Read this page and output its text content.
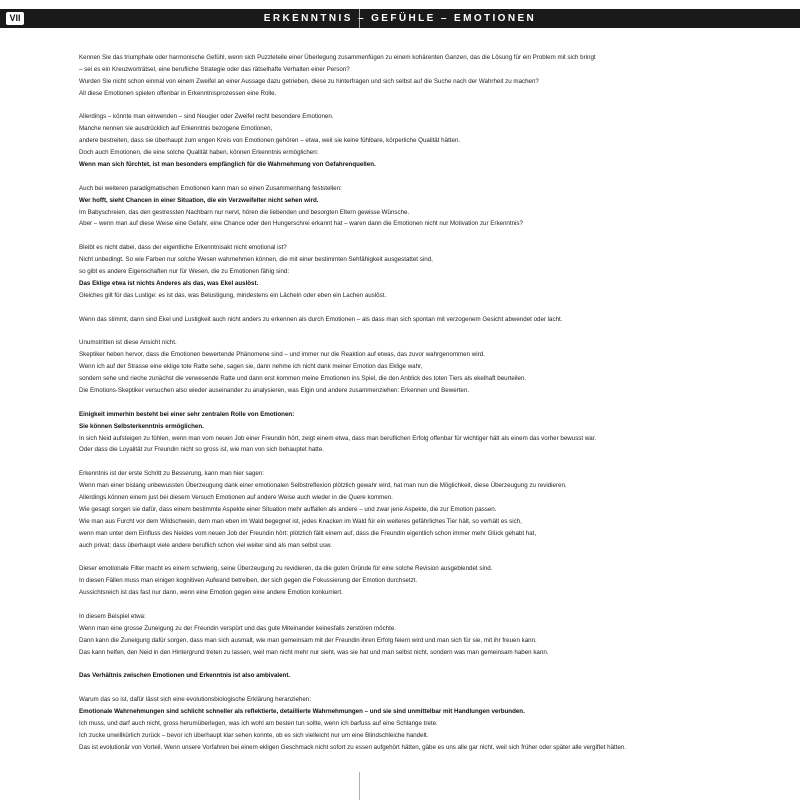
VII	ERKENNTNIS – GEFÜHLE – EMOTIONEN
Kennen Sie das triumphale oder harmonische Gefühl, wenn sich Puzzleteile einer Überlegung zusammenfügen zu einem kohärenten Ganzen, das die Lösung für ein Problem mit sich bringt
– sei es ein Kreuzworträtsel, eine berufliche Strategie oder das rätselhafte Verhalten einer Person?
Wurden Sie nicht schon einmal von einem Zweifel an einer Aussage dazu getrieben, diese zu hinterfragen und sich selbst auf die Suche nach der Wahrheit zu machen?
All diese Emotionen spielen offenbar in Erkenntnisprozessen eine Rolle.
Allerdings – könnte man einwenden – sind Neugier oder Zweifel recht besondere Emotionen.
Manche nennen sie ausdrücklich auf Erkenntnis bezogene Emotionen,
andere bestreiten, dass sie überhaupt zum engen Kreis von Emotionen gehören – etwa, weil sie keine fühlbare, körperliche Qualität hätten.
Doch auch Emotionen, die eine solche Qualität haben, können Erkenntnis ermöglichen:
Wenn man sich fürchtet, ist man besonders empfänglich für die Wahrnehmung von Gefahrenquellen.
Auch bei weiteren paradigmatischen Emotionen kann man so einen Zusammenhang feststellen:
Wer hofft, sieht Chancen in einer Situation, die ein Verzweifelter nicht sehen wird.
Im Babyschreien, das den gestressten Nachbarn nur nervt, hören die liebenden und besorgten Eltern gewisse Wünsche.
Aber – wenn man auf diese Weise eine Gefahr, eine Chance oder den Hungerschrei erkannt hat – waren dann die Emotionen nicht nur Motivation zur Erkenntnis?
Bleibt es nicht dabei, dass der eigentliche Erkenntnisakt nicht emotional ist?
Nicht unbedingt. So wie Farben nur solche Wesen wahrnehmen können, die mit einer bestimmten Sehfähigkeit ausgestattet sind,
so gibt es andere Eigenschaften nur für Wesen, die zu Emotionen fähig sind:
Das Eklige etwa ist nichts Anderes als das, was Ekel auslöst.
Gleiches gilt für das Lustige: es ist das, was Belustigung, mindestens ein Lächeln oder eben ein Lachen auslöst.
Wenn das stimmt, dann sind Ekel und Lustigkeit auch nicht anders zu erkennen als durch Emotionen – als dass man sich spontan mit verzogenem Gesicht abwendet oder lacht.
Unumstritten ist diese Ansicht nicht.
Skeptiker heben hervor, dass die Emotionen bewertende Phänomene sind – und immer nur die Reaktion auf etwas, das zuvor wahrgenommen wird.
Wenn ich auf der Strasse eine eklige tote Ratte sehe, sagen sie, dann nehme ich nicht dank meiner Emotion das Eklige wahr,
sondern sehe und rieche zunächst die verwesende Ratte und dann erst kommen meine Emotionen ins Spiel, die den Anblick des toten Tiers als ekelhaft beurteilen.
Die Emotions-Skeptiker versuchen also wieder auseinander zu analysieren, was Elgin und andere zusammenziehen: Erkennen und Bewerten.
Einigkeit immerhin besteht bei einer sehr zentralen Rolle von Emotionen:
Sie können Selbsterkenntnis ermöglichen.
In sich Neid aufsteigen zu fühlen, wenn man vom neuen Job einer Freundin hört, zeigt einem etwa, dass man beruflichen Erfolg offenbar für wichtiger hält als einem das vorher bewusst war.
Oder dass die Loyalität zur Freundin nicht so gross ist, wie man von sich behauptet hatte.
Erkenntnis ist der erste Schritt zu Besserung, kann man hier sagen:
Wenn man einer bislang unbewussten Überzeugung dank einer emotionalen Selbstreflexion plötzlich gewahr wird, hat man nun die Möglichkeit, diese Überzeugung zu revidieren.
Allerdings können einem just bei diesem Versuch Emotionen auf andere Weise auch wieder in die Quere kommen.
Wie gesagt sorgen sie dafür, dass einem bestimmte Aspekte einer Situation mehr auffallen als andere – und zwar jene Aspekte, die zur Emotion passen.
Wie man aus Furcht vor dem Wildschwein, dem man eben im Wald begegnet ist, jedes Knacken im Wald für ein weiteres gefährliches Tier hält, so verhält es sich,
wenn man unter dem Einfluss des Neides vom neuen Job der Freundin hört: plötzlich fällt einem auf, dass die Freundin eigentlich schon immer mehr Glück gehabt hat,
auch privat; dass überhaupt viele andere beruflich schon viel weiter sind als man selbst usw.
Dieser emotionale Filter macht es einem schwierig, seine Überzeugung zu revidieren, da die guten Gründe für eine solche Revision ausgeblendet sind.
In diesen Fällen muss man einigen kognitiven Aufwand betreiben, der sich gegen die Fokussierung der Emotion durchsetzt.
Aussichtsreich ist das fast nur dann, wenn eine Emotion gegen eine andere Emotion konkurriert.
In diesem Beispiel etwa:
Wenn man eine grosse Zuneigung zu der Freundin verspürt und das gute Miteinander keinesfalls zerstören möchte.
Dann kann die Zuneigung dafür sorgen, dass man sich ausmalt, wie man gemeinsam mit der Freundin ihren Erfolg feiern wird und man sich für sie, mit ihr freuen kann.
Das kann helfen, den Neid in den Hintergrund treten zu lassen, weil man nicht mehr nur sieht, was sie hat und man selbst nicht, sondern was man gemeinsam haben kann.
Das Verhältnis zwischen Emotionen und Erkenntnis ist also ambivalent.
Warum das so ist, dafür lässt sich eine evolutionsbiologische Erklärung heranziehen:
Emotionale Wahrnehmungen sind schlicht schneller als reflektierte, detaillierte Wahrnehmungen – und sie sind unmittelbar mit Handlungen verbunden.
Ich muss, und darf auch nicht, gross herumüberlegen, was ich wohl am besten tun sollte, wenn ich barfuss auf eine Schlange trete.
Ich zucke unwillkürlich zurück – bevor ich überhaupt klar sehen konnte, ob es sich vielleicht nur um eine Blindschleiche handelt.
Das ist evolutionär von Vorteil. Wenn unsere Vorfahren bei einem ekligen Geschmack nicht sofort zu essen aufgehört hätten, gäbe es uns alle gar nicht, weil sich früher oder später alle vergiftet hätten.
